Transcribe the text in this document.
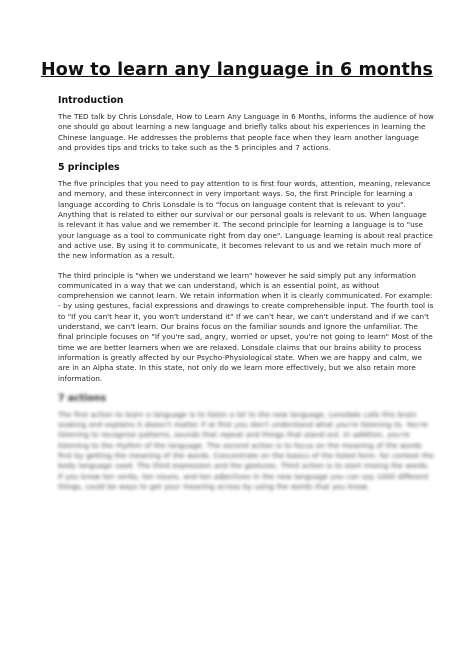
How to learn any language in 6 months
Introduction

The TED talk by Chris Lonsdale, How to Learn Any Language in 6 Months, informs the audience of how one should go about learning a new language and briefly talks about his experiences in learning the Chinese language. He addresses the problems that people face when they learn another language and provides tips and tricks to take such as the 5 principles and 7 actions.

5 principles

The five principles that you need to pay attention to is first four words, attention, meaning, relevance and memory, and these interconnect in very important ways. So, the first Principle for learning a language according to Chris Lonsdale is to "focus on language content that is relevant to you". Anything that is related to either our survival or our personal goals is relevant to us. When language is relevant it has value and we remember it. The second principle for learning a language is to "use your language as a tool to communicate right from day one". Language learning is about real practice and active use. By using it to communicate, it becomes relevant to us and we retain much more of the new information as a result.

The third principle is "when we understand we learn" however he said simply put any information communicated in a way that we can understand, which is an essential point, as without comprehension we cannot learn. We retain information when it is clearly communicated. For example: - by using gestures, facial expressions and drawings to create comprehensible input. The fourth tool is to "If you can't hear it, you won't understand it" If we can't hear, we can't understand and if we can't understand, we can't learn. Our brains focus on the familiar sounds and ignore the unfamiliar. The final principle focuses on "If you're sad, angry, worried or upset, you're not going to learn" Most of the time we are better learners when we are relaxed. Lonsdale claims that our brains ability to process information is greatly affected by our Psycho-Physiological state. When we are happy and calm, we are in an Alpha state. In this state, not only do we learn more effectively, but we also retain more information.

7 actions

The first action to learn a language is to listen a lot to the new language, Lonsdale calls this brain soaking and explains it doesn't matter if at first you don't understand what you're listening to. You're listening to recognise patterns, sounds that repeat and things that stand out. In addition, you're listening to the rhythm of the language. The second action is to focus on the meaning of the words first by getting the meaning of the words. Concentrate on the basics of the listed form, for context the body language used. The third expression and the gestures. Third action is to start mixing the words. If you know ten verbs, ten nouns, and ten adjectives in the new language you can say 1000 different things, could be ways to get your meaning across by using the words that you know.
